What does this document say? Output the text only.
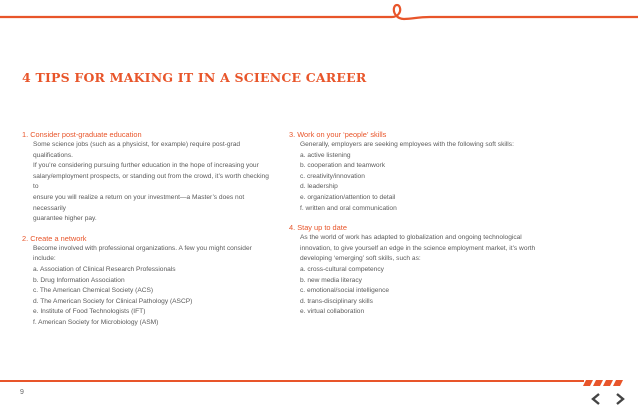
4 TIPS FOR MAKING IT IN A SCIENCE CAREER

1. Consider post-graduate education

Some science jobs (such as a physicist, for example) require post-grad qualifications.

If you’re considering pursuing further education in the hope of increasing your

salary/employment prospects, or standing out from the crowd, it’s worth checking to

ensure you will realize a return on your investment—a Master’s does not necessarily

guarantee higher pay.

2. Create a network

Become involved with professional organizations. A few you might consider include:

a. Association of Clinical Research Professionals
b. Drug Information Association
c. The American Chemical Society (ACS)
d. The American Society for Clinical Pathology (ASCP)
e. Institute of Food Technologists (IFT)
f. American Society for Microbiology (ASM)

3. Work on your ‘people’ skills

Generally, employers are seeking employees with the following soft skills:

a. active listening
b. cooperation and teamwork
c. creativity/innovation
d. leadership
e. organization/attention to detail
f. written and oral communication

4. Stay up to date

As the world of work has adapted to globalization and ongoing technological

innovation, to give yourself an edge in the science employment market, it’s worth

developing ‘emerging’ soft skills, such as:

a. cross-cultural competency
b. new media literacy
c. emotional/social intelligence
d. trans-disciplinary skills
e. virtual collaboration
9
